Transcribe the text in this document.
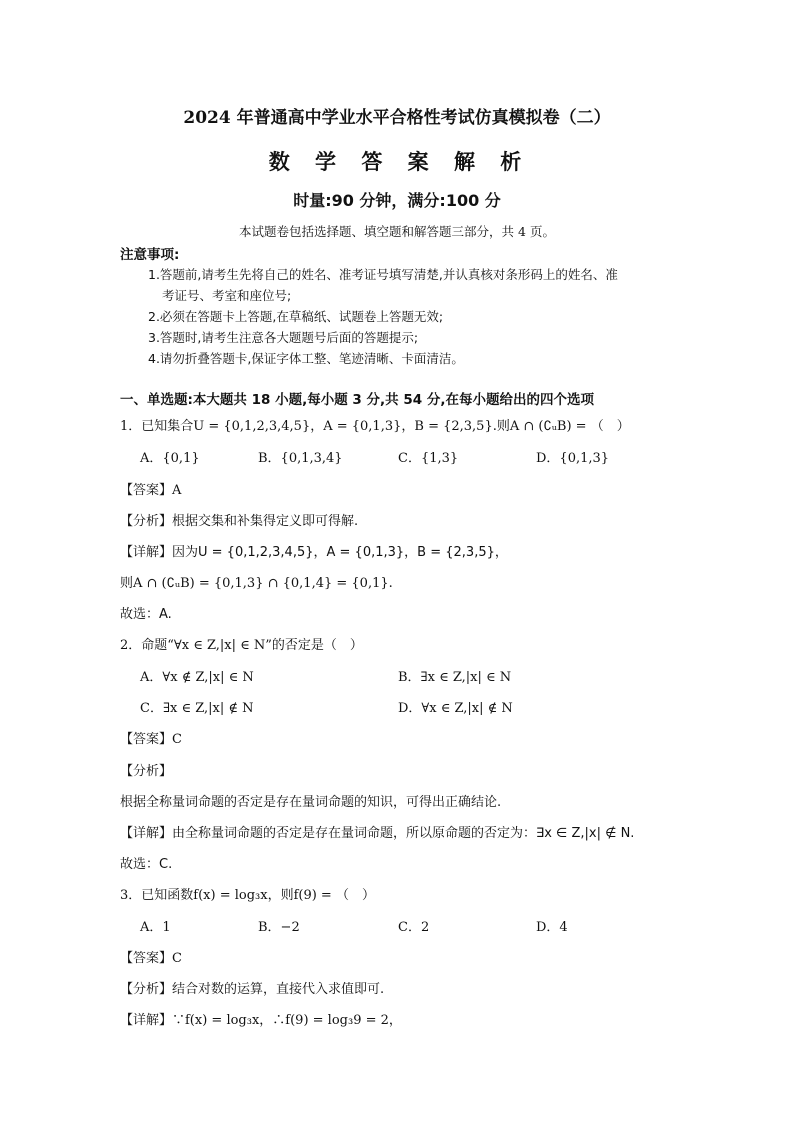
2024 年普通高中学业水平合格性考试仿真模拟卷（二）
数 学 答 案 解 析
时量:90 分钟，满分:100 分
本试题卷包括选择题、填空题和解答题三部分，共 4 页。
注意事项:

1.答题前,请考生先将自己的姓名、准考证号填写清楚,并认真核对条形码上的姓名、准

考证号、考室和座位号;

2.必须在答题卡上答题,在草稿纸、试题卷上答题无效;

3.答题时,请考生注意各大题题号后面的答题提示;

4.请勿折叠答题卡,保证字体工整、笔迹清晰、卡面清洁。

一、单选题:本大题共 18 小题,每小题 3 分,共 54 分,在每小题给出的四个选项
1．已知集合U = {0,1,2,3,4,5}，A = {0,1,3}，B = {2,3,5}.则A ∩ (∁ᵤB) = （　）
A．{0,1}	B．{0,1,3,4}	C．{1,3}	D．{0,1,3}
【答案】A
【分析】根据交集和补集得定义即可得解.
【详解】因为U = {0,1,2,3,4,5}，A = {0,1,3}，B = {2,3,5}，
则A ∩ (∁ᵤB) = {0,1,3} ∩ {0,1,4} = {0,1}.
故选：A.
2．命题“∀x ∈ Z,|x| ∈ N”的否定是（　）
A．∀x ∉ Z,|x| ∈ N	B．∃x ∈ Z,|x| ∈ N
C．∃x ∈ Z,|x| ∉ N	D．∀x ∈ Z,|x| ∉ N
【答案】C
【分析】
根据全称量词命题的否定是存在量词命题的知识，可得出正确结论.
【详解】由全称量词命题的否定是存在量词命题，所以原命题的否定为：∃x ∈ Z,|x| ∉ N.
故选：C.
3．已知函数f(x) = log₃x，则f(9) = （　）
A．1	B．−2	C．2	D．4
【答案】C
【分析】结合对数的运算，直接代入求值即可.
【详解】∵f(x) = log₃x，∴f(9) = log₃9 = 2，
